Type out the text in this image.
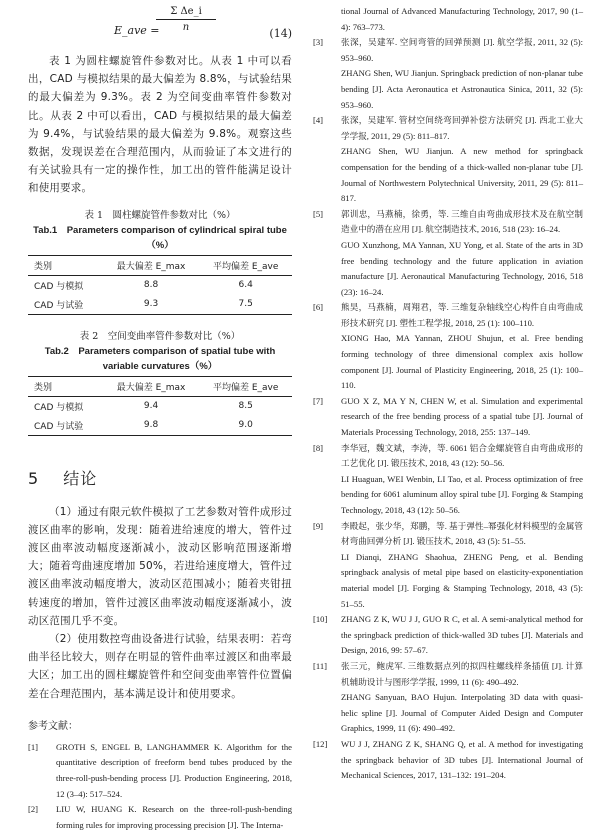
E_ave =
$\frac{\text{Σ Δe\_i}}{n}$
(14)

表 1 为圆柱螺旋管件参数对比。从表 1 中可以看出，CAD 与模拟结果的最大偏差为 8.8%，与试验结果的最大偏差为 9.3%。表 2 为空间变曲率管件参数对比。从表 2 中可以看出，CAD 与模拟结果的最大偏差为 9.4%，与试验结果的最大偏差为 9.8%。观察这些数据，发现误差在合理范围内，从而验证了本文进行的有关试验具有一定的操作性，加工出的管件能满足设计和使用要求。

表 1　圆柱螺旋管件参数对比（%）
Tab.1　Parameters comparison of cylindrical spiral tube（%）
类别	最大偏差 E_max	平均偏差 E_ave
CAD 与模拟	8.8	6.4
CAD 与试验	9.3	7.5
表 2　空间变曲率管件参数对比（%）
Tab.2　Parameters comparison of spatial tube with
variable curvatures（%）
类别	最大偏差 E_max	平均偏差 E_ave
CAD 与模拟	9.4	8.5
CAD 与试验	9.8	9.0
5 结论

（1）通过有限元软件模拟了工艺参数对管件成形过渡区曲率的影响，发现：随着进给速度的增大，管件过渡区曲率波动幅度逐渐减小，波动区影响范围逐渐增大；随着弯曲速度增加 50%，若进给速度增大，管件过渡区曲率波动幅度增大，波动区范围减小；随着夹钳扭转速度的增加，管件过渡区曲率波动幅度逐渐减小，波动区范围几乎不变。

（2）使用数控弯曲设备进行试验，结果表明：若弯曲半径比较大，则存在明显的管件曲率过渡区和曲率最大区；加工出的圆柱螺旋管件和空间变曲率管件位置偏差在合理范围内，基本满足设计和使用要求。

参考文献：
[1] GROTH S, ENGEL B, LANGHAMMER K. Algorithm for the quantitative description of freeform bend tubes produced by the three-roll-push-bending process [J]. Production Engineering, 2018, 12 (3–4): 517–524.

[2] LIU W, HUANG K. Research on the three-roll-push-bending forming rules for improving processing precision [J]. The Interna-

tional Journal of Advanced Manufacturing Technology, 2017, 90 (1–4): 763–773.

[3] 张深，吴建军. 空间弯管的回弹预测 [J]. 航空学报, 2011, 32 (5): 953–960.

ZHANG Shen, WU Jianjun. Springback prediction of non-planar tube bending [J]. Acta Aeronautica et Astronautica Sinica, 2011, 32 (5): 953–960.

[4] 张深，吴建军. 管材空间绕弯回弹补偿方法研究 [J]. 西北工业大学学报, 2011, 29 (5): 811–817.

ZHANG Shen, WU Jianjun. A new method for springback compensation for the bending of a thick-walled non-planar tube [J]. Journal of Northwestern Polytechnical University, 2011, 29 (5): 811–817.

[5] 郭训忠，马燕楠，徐勇，等. 三维自由弯曲成形技术及在航空制造业中的潜在应用 [J]. 航空制造技术, 2016, 518 (23): 16–24.

GUO Xunzhong, MA Yannan, XU Yong, et al. State of the arts in 3D free bending technology and the future application in aviation manufacture [J]. Aeronautical Manufacturing Technology, 2016, 518 (23): 16–24.

[6] 熊昊，马燕楠，周翔君，等. 三维复杂轴线空心构件自由弯曲成形技术研究 [J]. 塑性工程学报, 2018, 25 (1): 100–110.

XIONG Hao, MA Yannan, ZHOU Shujun, et al. Free bending forming technology of three dimensional complex axis hollow component [J]. Journal of Plasticity Engineering, 2018, 25 (1): 100–110.

[7] GUO X Z, MA Y N, CHEN W, et al. Simulation and experimental research of the free bending process of a spatial tube [J]. Journal of Materials Processing Technology, 2018, 255: 137–149.

[8] 李华冠，魏文斌，李涛，等. 6061 铝合金螺旋管自由弯曲成形的工艺优化 [J]. 锻压技术, 2018, 43 (12): 50–56.

LI Huaguan, WEI Wenbin, LI Tao, et al. Process optimization of free bending for 6061 aluminum alloy spiral tube [J]. Forging & Stamping Technology, 2018, 43 (12): 50–56.

[9] 李殿起，张少华，郑鹏，等. 基于弹性–幂强化材料模型的金属管材弯曲回弹分析 [J]. 锻压技术, 2018, 43 (5): 51–55.

LI Dianqi, ZHANG Shaohua, ZHENG Peng, et al. Bending springback analysis of metal pipe based on elasticity-exponentiation material model [J]. Forging & Stamping Technology, 2018, 43 (5): 51–55.

[10] ZHANG Z K, WU J J, GUO R C, et al. A semi-analytical method for the springback prediction of thick-walled 3D tubes [J]. Materials and Design, 2016, 99: 57–67.

[11] 张三元，鲍虎军. 三维数据点列的拟四柱螺线样条插值 [J]. 计算机辅助设计与图形学学报, 1999, 11 (6): 490–492.

ZHANG Sanyuan, BAO Hujun. Interpolating 3D data with quasi-helic spline [J]. Journal of Computer Aided Design and Computer Graphics, 1999, 11 (6): 490–492.

[12] WU J J, ZHANG Z K, SHANG Q, et al. A method for investigating the springback behavior of 3D tubes [J]. International Journal of Mechanical Sciences, 2017, 131–132: 191–204.
